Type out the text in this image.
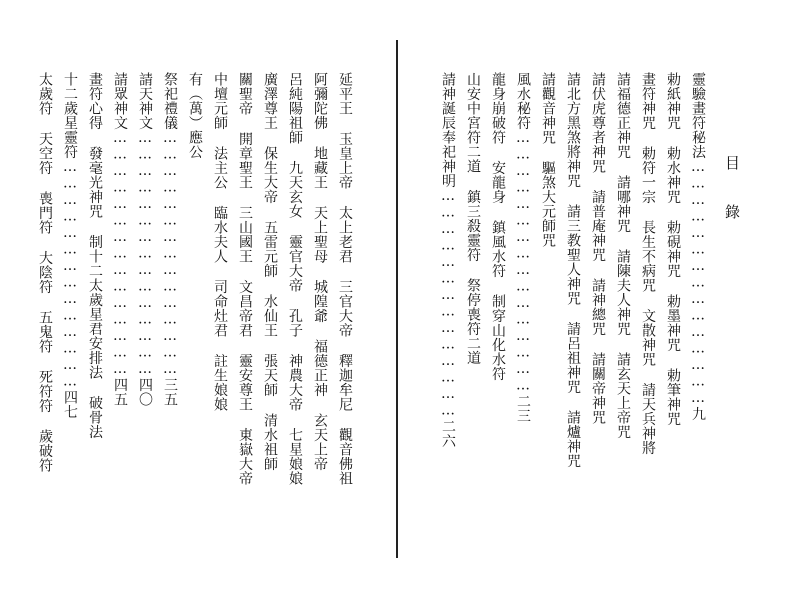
目 錄
靈驗畫符秘法………………………………………九
勅紙神咒勅水神咒勅硯神咒勅墨神咒勅筆神咒
畫符神咒勅符一宗長生不病咒文散神咒請天兵神將
請福德正神咒請哪神咒請陳夫人神咒請玄天上帝咒
請伏虎尊者神咒請普庵神咒請神總咒請關帝神咒
請北方黑煞將神咒請三教聖人神咒請呂祖神咒請爐神咒
請觀音神咒驅煞大元師咒
風水秘符…………………………………………二三
龍身崩破符安龍身鎮風水符制穿山化水符
山安中宮符二道鎮三殺靈符祭停喪符二道
請神誕辰奉祀神明……………………………………二六
延平王玉皇上帝太上老君三官大帝釋迦牟尼觀音佛祖
阿彌陀佛地藏王天上聖母城隍爺福德正神玄天上帝
呂純陽祖師九天玄女靈官大帝孔子神農大帝七星娘娘
廣澤尊王保生大帝五雷元師水仙王張天師清水祖師
關聖帝開章聖王三山國王文昌帝君靈安尊王東嶽大帝
中壇元師法主公臨水夫人司命灶君註生娘娘
有（萬）應公
祭祀禮儀………………………………………三五
請天神文………………………………………四〇
請眾神文………………………………………四五
畫符心得發毫光神咒制十二太歲星君安排法破骨法
十二歲星靈符……………………………………四七
太歲符天空符喪門符大陰符五鬼符死符符歲破符
